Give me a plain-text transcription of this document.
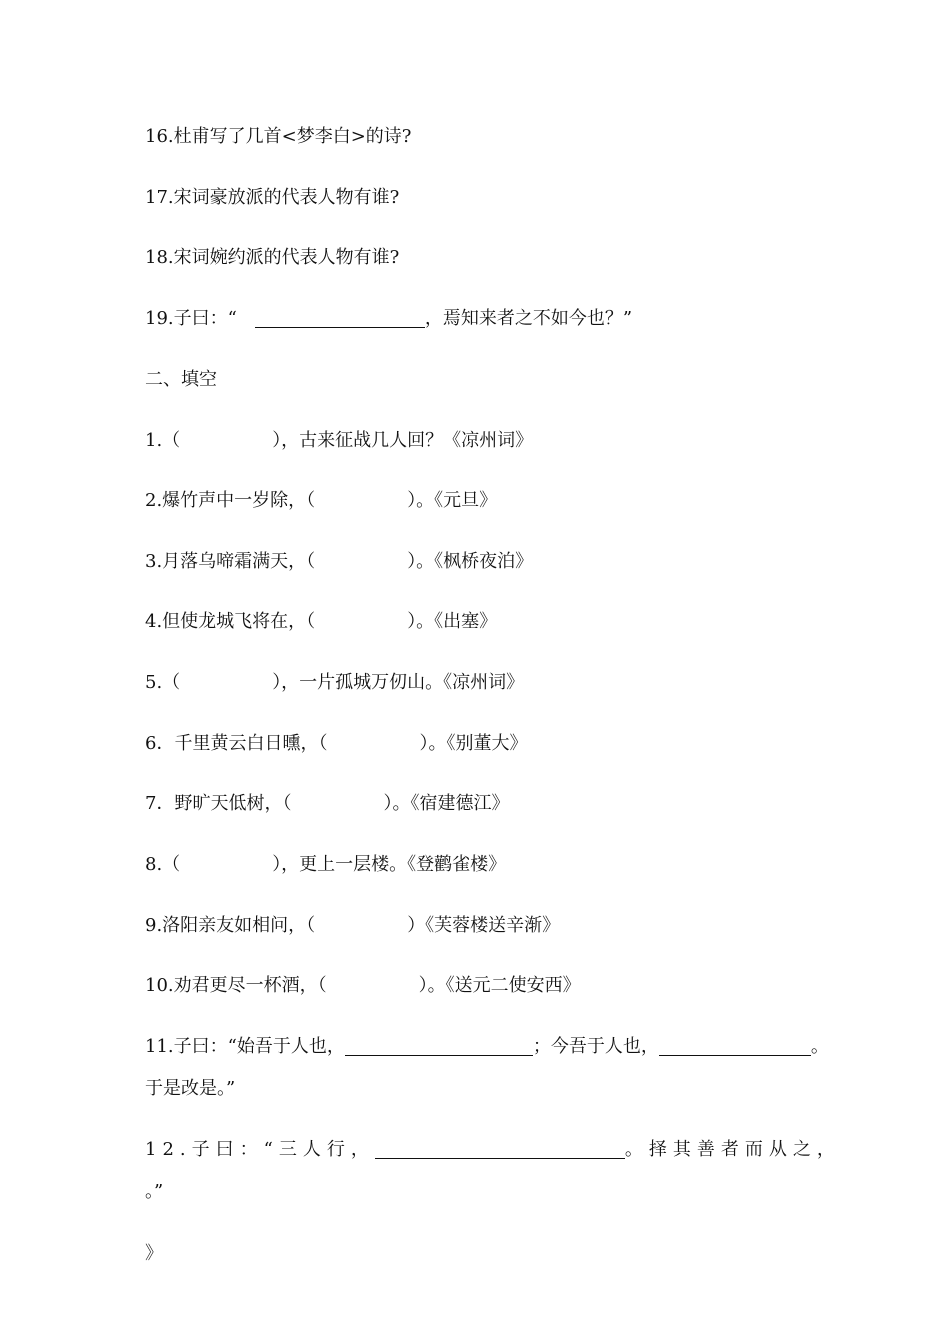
16.杜甫写了几首<梦李白>的诗?
17.宋词豪放派的代表人物有谁?
18.宋词婉约派的代表人物有谁?
19.子曰：“	，焉知来者之不如今也？”
二、填空
1.（	），古来征战几人回？《凉州词》
2.爆竹声中一岁除，（	）。《元旦》
3.月落乌啼霜满天，（	）。《枫桥夜泊》
4.但使龙城飞将在，（	）。《出塞》
5.（	），一片孤城万仞山。《凉州词》
6．千里黄云白日曛，（	）。《别董大》
7．野旷天低树，（	）。《宿建德江》
8.（	），更上一层楼。《登鹳雀楼》
9.洛阳亲友如相问，（	）《芙蓉楼送辛渐》
10.劝君更尽一杯酒，（	）。《送元二使安西》
11.子曰：“始吾于人也，	；今吾于人也，	。
于是改是。”
12.子曰：“三人行，	。择其善者而从之，
。”
》
